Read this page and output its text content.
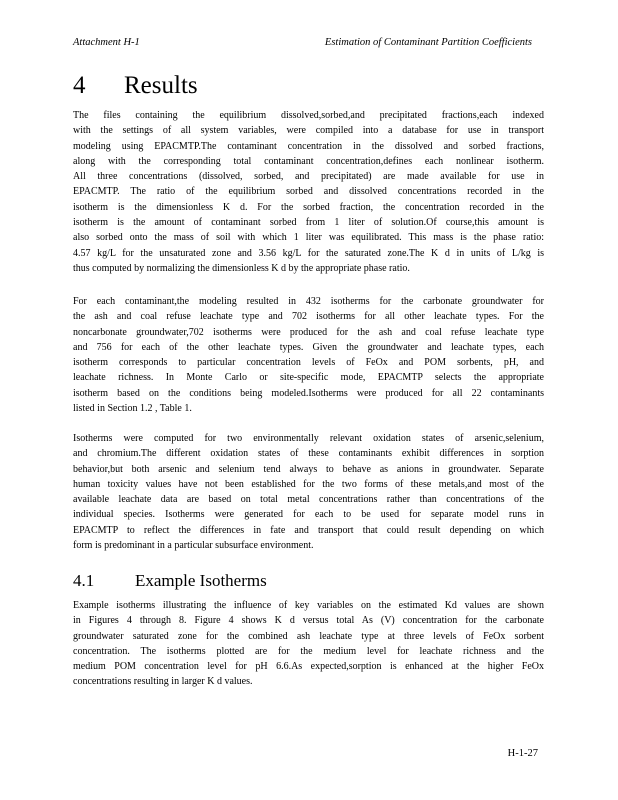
Attachment H-1	Estimation of Contaminant Partition Coefficients
4	Results
The files containing the equilibrium dissolved,sorbed,and precipitated fractions,each indexed
with the settings of all system variables, were compiled into a database for use in transport
modeling using EPACMTP.The contaminant concentration in the dissolved and sorbed fractions,
along with the corresponding total contaminant concentration,defines each nonlinear isotherm.
All three concentrations (dissolved, sorbed, and precipitated) are made available for use in
EPACMTP. The ratio of the equilibrium sorbed and dissolved concentrations recorded in the
isotherm is the dimensionless K d. For the sorbed fraction, the concentration recorded in the
isotherm is the amount of contaminant sorbed from 1 liter of solution.Of course,this amount is
also sorbed onto the mass of soil with which 1 liter was equilibrated. This mass is the phase ratio:
4.57 kg/L for the unsaturated zone and 3.56 kg/L for the saturated zone.The K d in units of L/kg is
thus computed by normalizing the dimensionless K d by the appropriate phase ratio.
For each contaminant,the modeling resulted in 432 isotherms for the carbonate groundwater for
the ash and coal refuse leachate type and 702 isotherms for all other leachate types. For the
noncarbonate groundwater,702 isotherms were produced for the ash and coal refuse leachate type
and 756 for each of the other leachate types. Given the groundwater and leachate types, each
isotherm corresponds to particular concentration levels of FeOx and POM sorbents, pH, and
leachate richness. In Monte Carlo or site-specific mode, EPACMTP selects the appropriate
isotherm based on the conditions being modeled.Isotherms were produced for all 22 contaminants
listed in Section 1.2 , Table 1.
Isotherms were computed for two environmentally relevant oxidation states of arsenic,selenium,
and chromium.The different oxidation states of these contaminants exhibit differences in sorption
behavior,but both arsenic and selenium tend always to behave as anions in groundwater. Separate
human toxicity values have not been established for the two forms of these metals,and most of the
available leachate data are based on total metal concentrations rather than concentrations of the
individual species. Isotherms were generated for each to be used for separate model runs in
EPACMTP to reflect the differences in fate and transport that could result depending on which
form is predominant in a particular subsurface environment.
4.1	Example Isotherms
Example isotherms illustrating the influence of key variables on the estimated Kd values are shown
in Figures 4 through 8. Figure 4 shows K d versus total As (V) concentration for the carbonate
groundwater saturated zone for the combined ash leachate type at three levels of FeOx sorbent
concentration. The isotherms plotted are for the medium level for leachate richness and the
medium POM concentration level for pH 6.6.As expected,sorption is enhanced at the higher FeOx
concentrations resulting in larger K d values.
H-1-27
